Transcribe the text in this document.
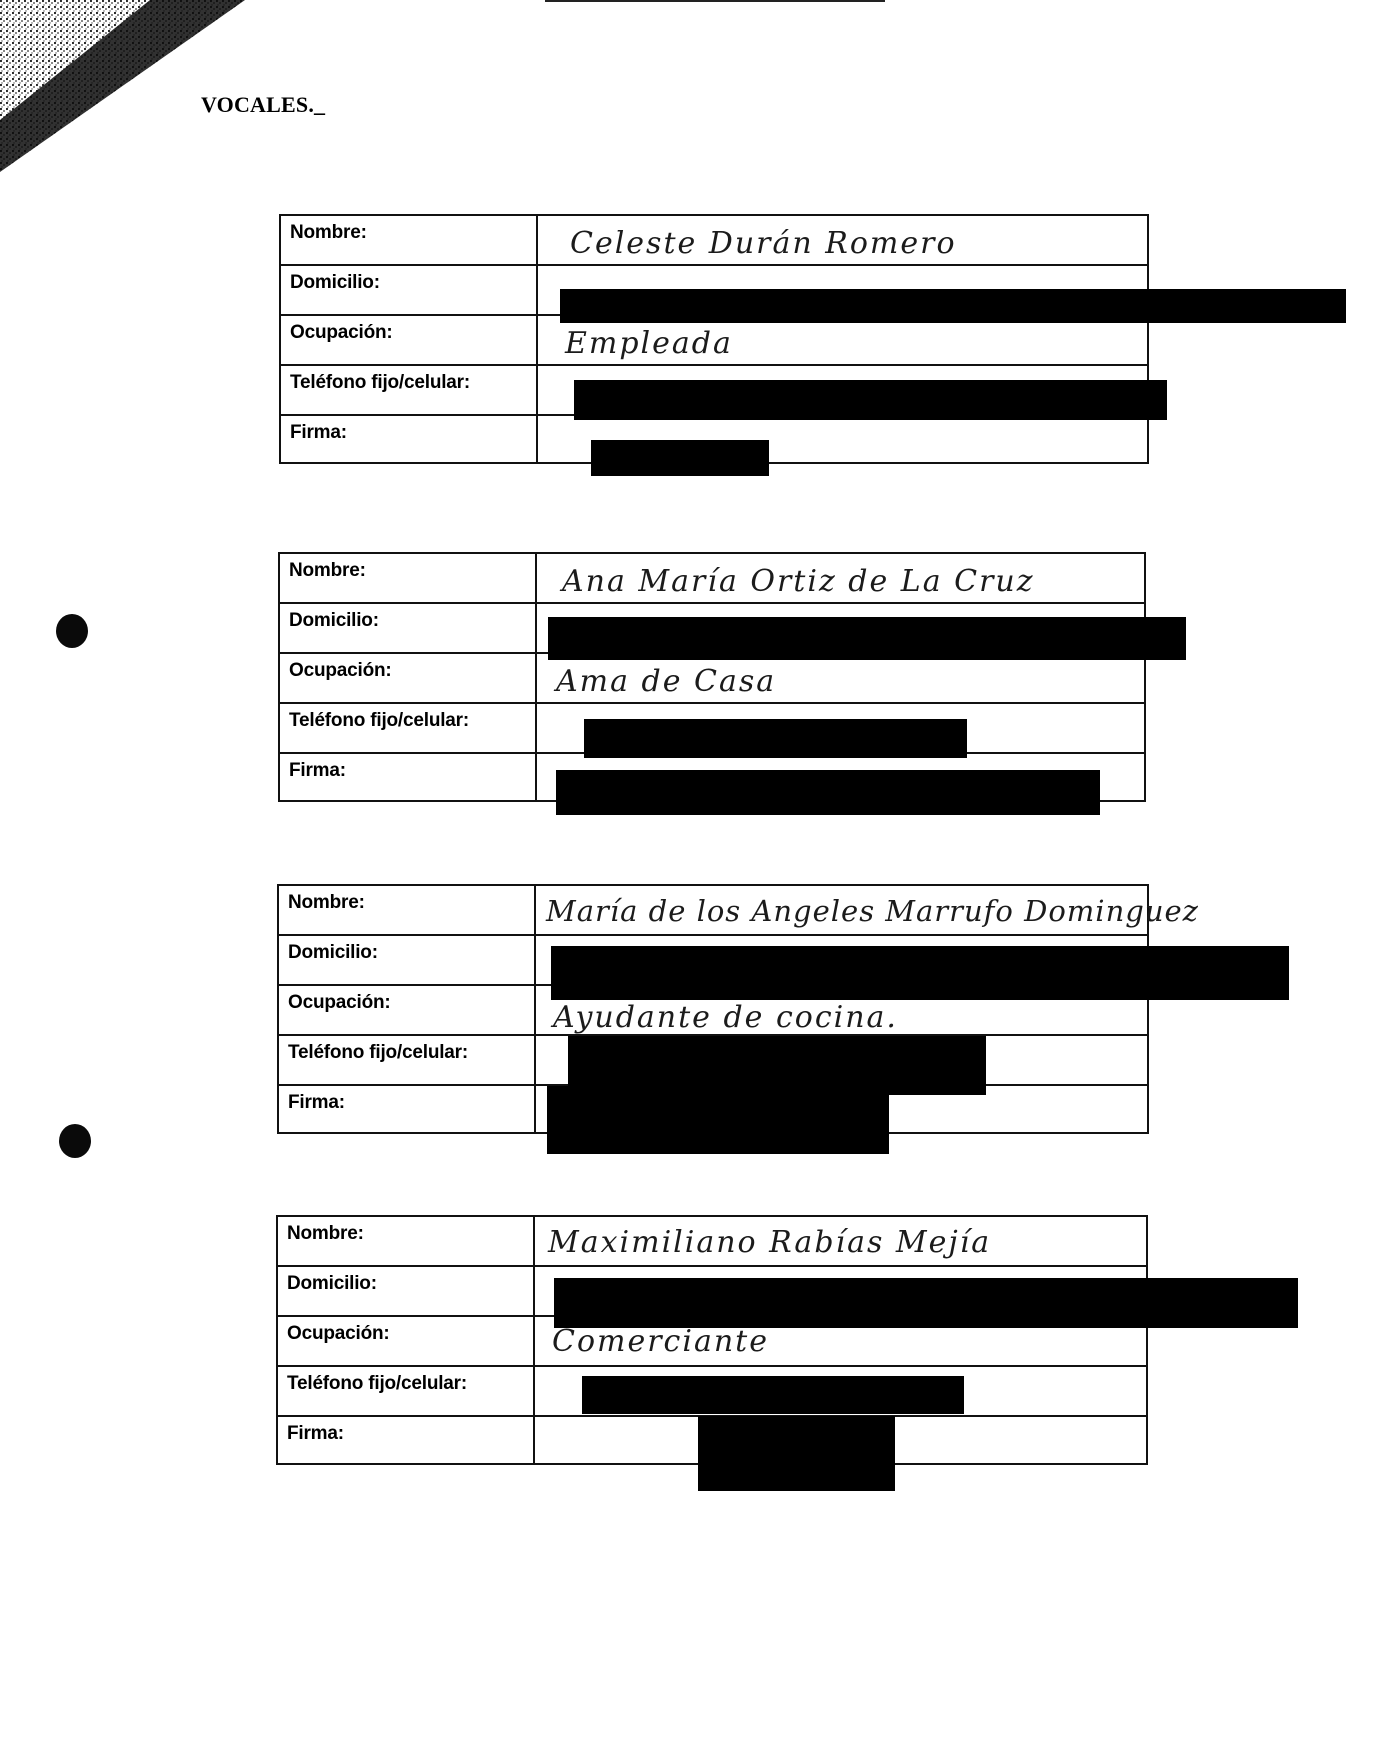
VOCALES._
Nombre:
Domicilio:
Ocupación:
Teléfono fijo/celular:
Firma:
Celeste Durán Romero
Empleada
Nombre:
Domicilio:
Ocupación:
Teléfono fijo/celular:
Firma:
Ana María Ortiz de La Cruz
Ama de Casa
Nombre:
Domicilio:
Ocupación:
Teléfono fijo/celular:
Firma:
María de los Angeles Marrufo Dominguez
Ayudante de cocina.
Nombre:
Domicilio:
Ocupación:
Teléfono fijo/celular:
Firma:
Maximiliano Rabías Mejía
Comerciante
